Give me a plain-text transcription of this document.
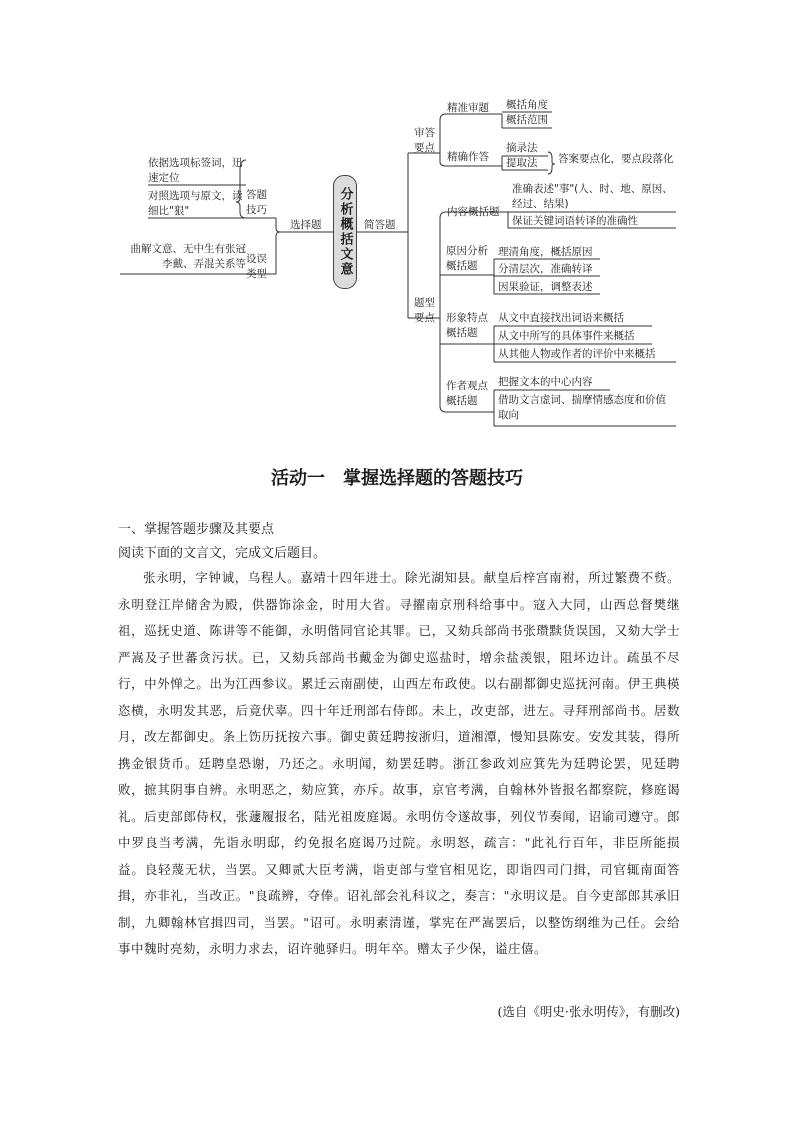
依据选项标签词，迅速定位
对照选项与原文，读细比"狠"
答题技巧
曲解文意、无中生有张冠李戴、弄混关系等 设误类型
选择题 分析概括文意 简答题
审答要点
题型要点
精准审题 概括角度
概括范围
精确作答
摘录法
提取法 答案要点化，要点段落化
内容概括题
准确表述"事"(人、时、地、原因、经过、结果)
保证关键词语转译的准确性
原因分析概括题
理清角度，概括原因
分清层次，准确转译
因果验证，调整表述
形象特点概括题
从文中直接找出词语来概括
从文中所写的具体事件来概括
从其他人物或作者的评价中来概括
作者观点概括题
把握文本的中心内容
借助文言虚词、揣摩情感态度和价值取向
活动一　掌握选择题的答题技巧
一、掌握答题步骤及其要点
阅读下面的文言文，完成文后题目。
张永明，字钟诚，乌程人。嘉靖十四年进士。除光湖知县。献皇后梓宫南祔，所过繁费不赀。永明登江岸储舍为殿，供器饰涂金，时用大省。寻擢南京刑科给事中。寇入大同，山西总督樊继祖，巡抚史道、陈讲等不能御，永明偕同官论其罪。已，又劾兵部尚书张瓒黩货误国，又劾大学士严嵩及子世蕃贪污状。已，又劾兵部尚书戴金为御史巡盐时，增余盐羡银，阻坏边计。疏虽不尽行，中外惮之。出为江西参议。累迁云南副使，山西左布政使。以右副都御史巡抚河南。伊王典楧恣横，永明发其恶，后竟伏辜。四十年迁刑部右侍郎。未上，改吏部，进左。寻拜刑部尚书。居数月，改左都御史。条上饬历抚按六事。御史黄廷聘按浙归，道湘潭，慢知县陈安。安发其装，得所携金银货币。廷聘皇恐谢，乃还之。永明闻，劾罢廷聘。浙江参政刘应箕先为廷聘论罢，见廷聘败，摭其阴事自辨。永明恶之，劾应箕，亦斥。故事，京官考满，自翰林外皆报名都察院，修庭谒礼。后吏部郎侍权，张蘧履报名，陆光祖废庭谒。永明仿令遂故事，列仪节奏闻，诏谕司遵守。郎中罗良当考满，先诣永明邸，约免报名庭谒乃过院。永明怒，疏言："此礼行百年，非臣所能损益。良轻蔑无状，当罢。又卿贰大臣考满，诣吏部与堂官相见讫，即诣四司门揖，司官辄南面答揖，亦非礼，当改正。"良疏辨，夺俸。诏礼部会礼科议之，奏言："永明议是。自今吏部郎其承旧制，九卿翰林官揖四司，当罢。"诏可。永明素清谨，掌宪在严嵩罢后，以整饬纲维为己任。会给事中魏时亮劾，永明力求去，诏许驰驿归。明年卒。赠太子少保，谥庄僖。
(选自《明史·张永明传》，有删改)
